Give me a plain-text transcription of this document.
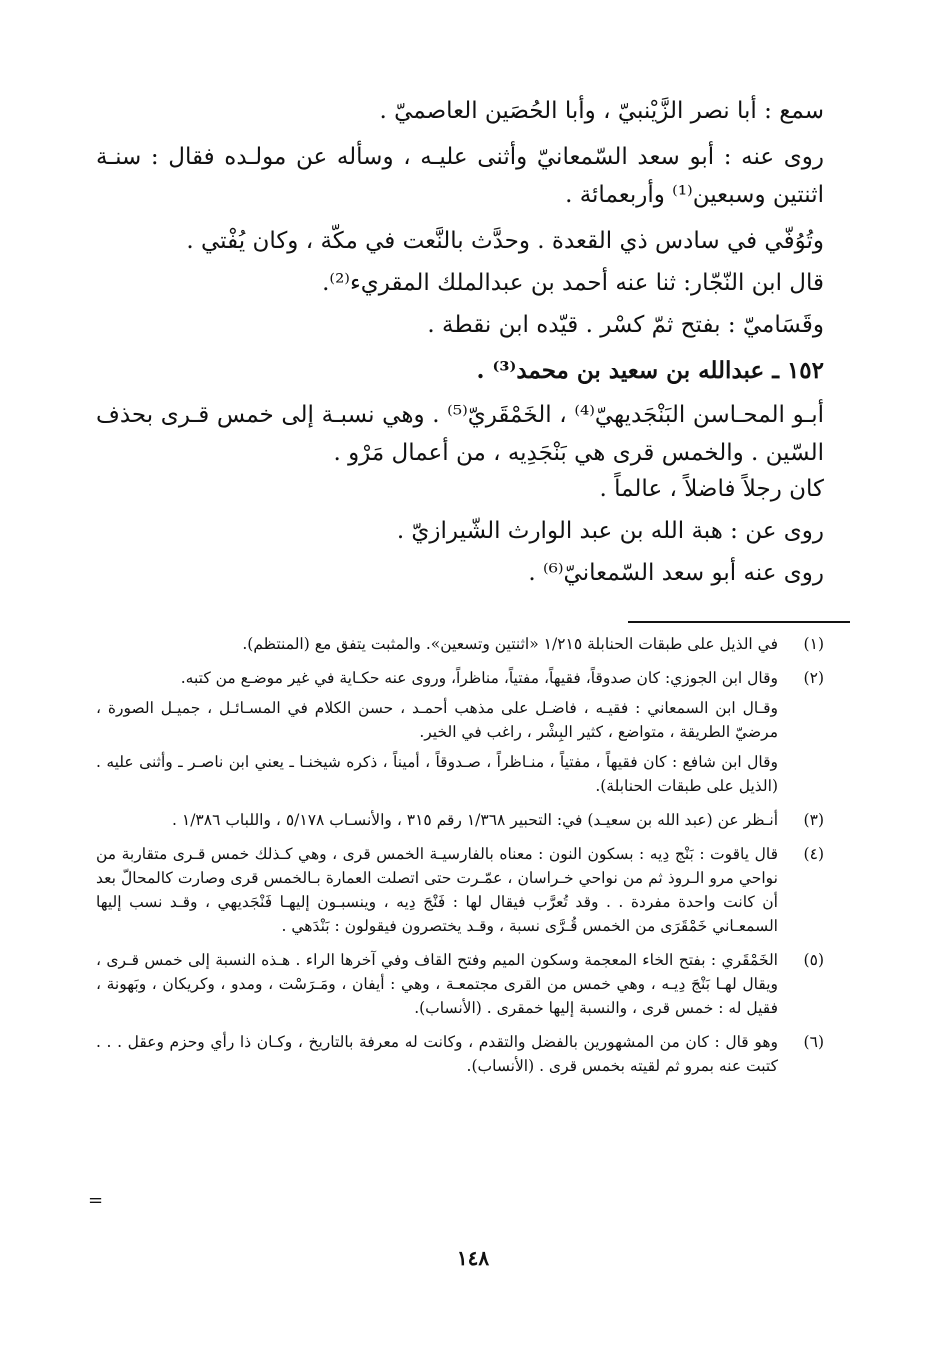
سمع : أبا نصر الزَّيْنبيّ ، وأبا الحُصَين العاصميّ .

روى عنه : أبو سعد السّمعانيّ وأثنى عليـه ، وسأله عن مولـده فقال : سنـة اثنتين وسبعين⁽¹⁾ وأربعمائة .

وتُوُفّي في سادس ذي القعدة . وحدَّث بالنَّعت في مكّة ، وكان يُفْتي .

قال ابن النّجّار: ثنا عنه أحمد بن عبدالملك المقريء⁽²⁾.

وقَسَاميّ : بفتح ثمّ كسْر . قيّده ابن نقطة .

١٥٢ ـ عبدالله بن سعيد بن محمد⁽³⁾ .

أبـو المحـاسن البَنْجَديهيّ⁽⁴⁾ ، الخَمْقَريّ⁽⁵⁾ . وهي نسبـة إلى خمس قـرى بحذف السّين . والخمس قرى هي بَنْجَدِيه ، من أعمال مَرْو .

كان رجلاً فاضلاً ، عالماً .

روى عن : هبة الله بن عبد الوارث الشّيرازيّ .

روى عنه أبو سعد السّمعانيّ⁽⁶⁾ .

(١)

في الذيل على طبقات الحنابلة ١/٢١٥ «اثنتين وتسعين». والمثبت يتفق مع (المنتظم).

(٢)

وقال ابن الجوزي: كان صدوقاً، فقيهاً، مفتياً، مناظراً، وروى عنه حكـاية في غير موضـع من كتبه.

وقـال ابن السمعاني : فقيـه ، فاضـل على مذهب أحمـد ، حسن الكلام في المسـائـل ، جميـل الصورة ، مرضيّ الطريقة ، متواضع ، كثير البِشْر ، راغب في الخير.

وقال ابن شافع : كان فقيهاً ، مفتياً ، منـاظراً ، صـدوقاً ، أميناً ، ذكره شيخنـا ـ يعني ابن ناصـر ـ وأثنى عليه . (الذيل على طبقات الحنابلة).

(٣)

أنـظر عن (عبد الله بن سعيـد) في: التحبير ١/٣٦٨ رقم ٣١٥ ، والأنسـاب ٥/١٧٨ ، واللباب ١/٣٨٦ .

(٤)

قال ياقوت : بَنْج دِيه : بسكون النون : معناه بالفارسيـة الخمس قرى ، وهي كـذلك خمس قـرى متقاربة من نواحي مرو الـروذ ثم من نواحي خـراسان ، عمّـرت حتى اتصلت العمارة بـالخمس قرى وصارت كالمحالّ بعد أن كانت واحدة مفردة . . وقد تُعرَّب فيقال لها : فَنْجَ دِيه ، وينسبـون إليهـا فَنْجَديهي ، وقـد نسب إليها السمعـاني خَمْقَرَى من الخمس قُـرَّى نسبة ، وقـد يختصرون فيقولون : بَنْدَهي .

(٥)

الخَمْقَري : بفتح الخاء المعجمة وسكون الميم وفتح القاف وفي آخرها الراء . هـذه النسبة إلى خمس قـرى ، ويقال لهـا بَنْجَ دِيـه ، وهي خمس من القرى مجتمعـة ، وهي : أيفان ، ومَـرَسْت ، ومدو ، وكريكان ، وبَهونة ، فقيل له : خمس قرى ، والنسبة إليها خمقرى . (الأنساب).

(٦)

وهو قال : كان من المشهورين بالفضل والتقدم ، وكانت له معرفة بالتاريخ ، وكـان ذا رأي وحزم وعقل . . . كتبت عنه بمرو ثم لقيته بخمس قرى . (الأنساب).

=
١٤٨
